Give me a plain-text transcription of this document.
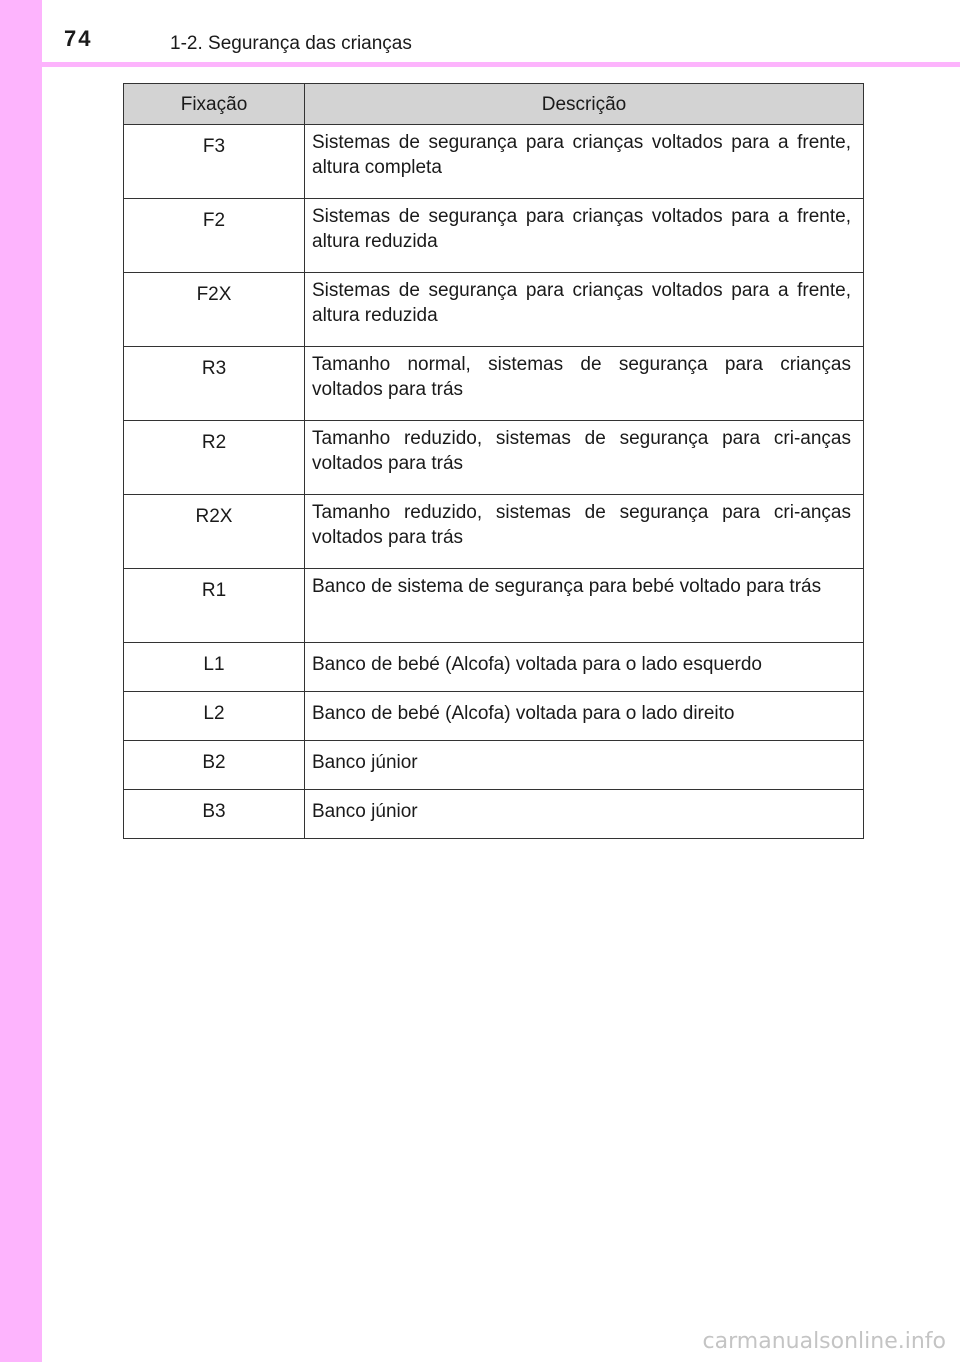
74	1-2. Segurança das crianças
Fixação	Descrição
F3	Sistemas de segurança para crianças voltados para a frente, altura completa
F2	Sistemas de segurança para crianças voltados para a frente, altura reduzida
F2X	Sistemas de segurança para crianças voltados para a frente, altura reduzida
R3	Tamanho normal, sistemas de segurança para crianças voltados para trás
R2	Tamanho reduzido, sistemas de segurança para cri-anças voltados para trás
R2X	Tamanho reduzido, sistemas de segurança para cri-anças voltados para trás
R1	Banco de sistema de segurança para bebé voltado para trás
L1	Banco de bebé (Alcofa) voltada para o lado esquerdo
L2	Banco de bebé (Alcofa) voltada para o lado direito
B2	Banco júnior
B3	Banco júnior
carmanualsonline.info
